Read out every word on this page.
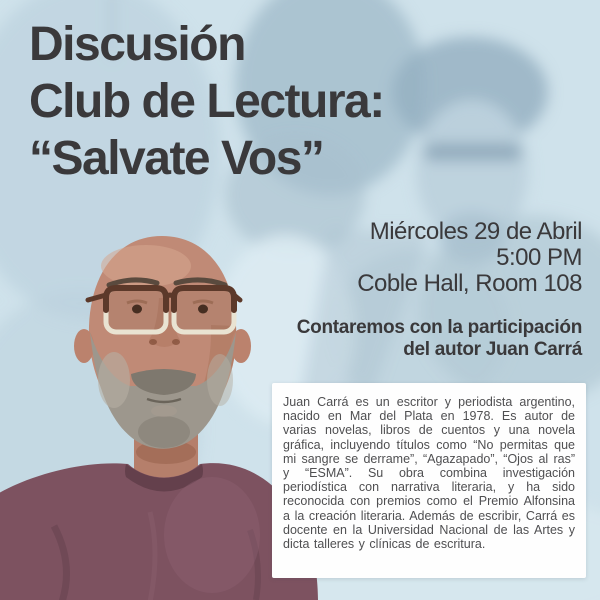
Discusión
Club de Lectura:
“Salvate Vos”
Miércoles 29 de Abril
5:00 PM
Coble Hall, Room 108
Contaremos con la participación
del autor Juan Carrá

Juan Carrá es un escritor y periodista argentino, nacido en Mar del Plata en 1978. Es autor de varias novelas, libros de cuentos y una novela gráfica, incluyendo títulos como “No permitas que mi sangre se derrame”, “Agazapado”, “Ojos al ras” y “ESMA”. Su obra combina investigación periodística con narrativa literaria, y ha sido reconocida con premios como el Premio Alfonsina a la creación literaria. Además de escribir, Carrá es docente en la Universidad Nacional de las Artes y dicta talleres y clínicas de escritura.
